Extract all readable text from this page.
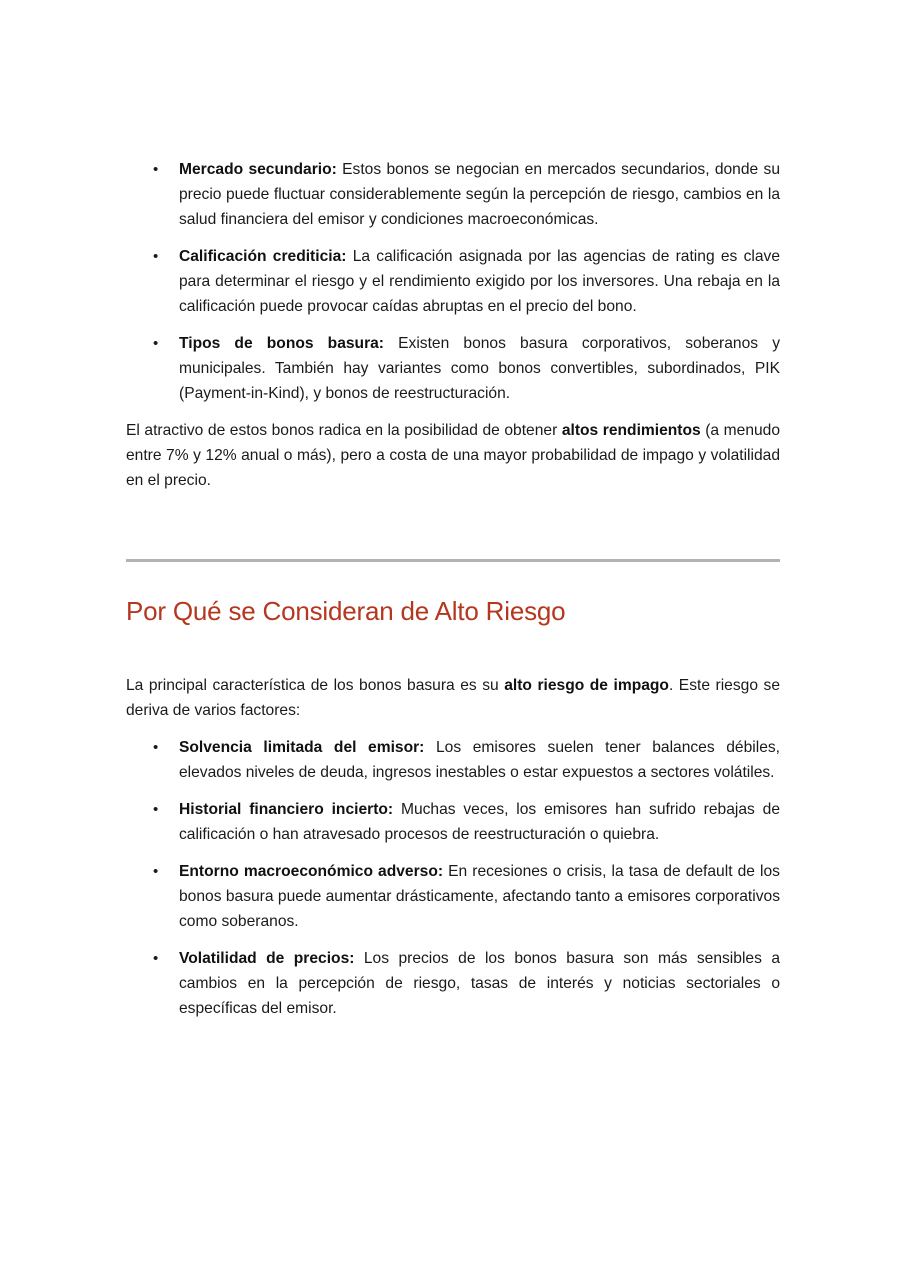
• Mercado secundario: Estos bonos se negocian en mercados secundarios, donde su precio puede fluctuar considerablemente según la percepción de riesgo, cambios en la salud financiera del emisor y condiciones macroeconómicas.
• Calificación crediticia: La calificación asignada por las agencias de rating es clave para determinar el riesgo y el rendimiento exigido por los inversores. Una rebaja en la calificación puede provocar caídas abruptas en el precio del bono.
• Tipos de bonos basura: Existen bonos basura corporativos, soberanos y municipales. También hay variantes como bonos convertibles, subordinados, PIK (Payment-in-Kind), y bonos de reestructuración.

El atractivo de estos bonos radica en la posibilidad de obtener altos rendimientos (a menudo entre 7% y 12% anual o más), pero a costa de una mayor probabilidad de impago y volatilidad en el precio.

Por Qué se Consideran de Alto Riesgo

La principal característica de los bonos basura es su alto riesgo de impago. Este riesgo se deriva de varios factores:

• Solvencia limitada del emisor: Los emisores suelen tener balances débiles, elevados niveles de deuda, ingresos inestables o estar expuestos a sectores volátiles.
• Historial financiero incierto: Muchas veces, los emisores han sufrido rebajas de calificación o han atravesado procesos de reestructuración o quiebra.
• Entorno macroeconómico adverso: En recesiones o crisis, la tasa de default de los bonos basura puede aumentar drásticamente, afectando tanto a emisores corporativos como soberanos.
• Volatilidad de precios: Los precios de los bonos basura son más sensibles a cambios en la percepción de riesgo, tasas de interés y noticias sectoriales o específicas del emisor.
